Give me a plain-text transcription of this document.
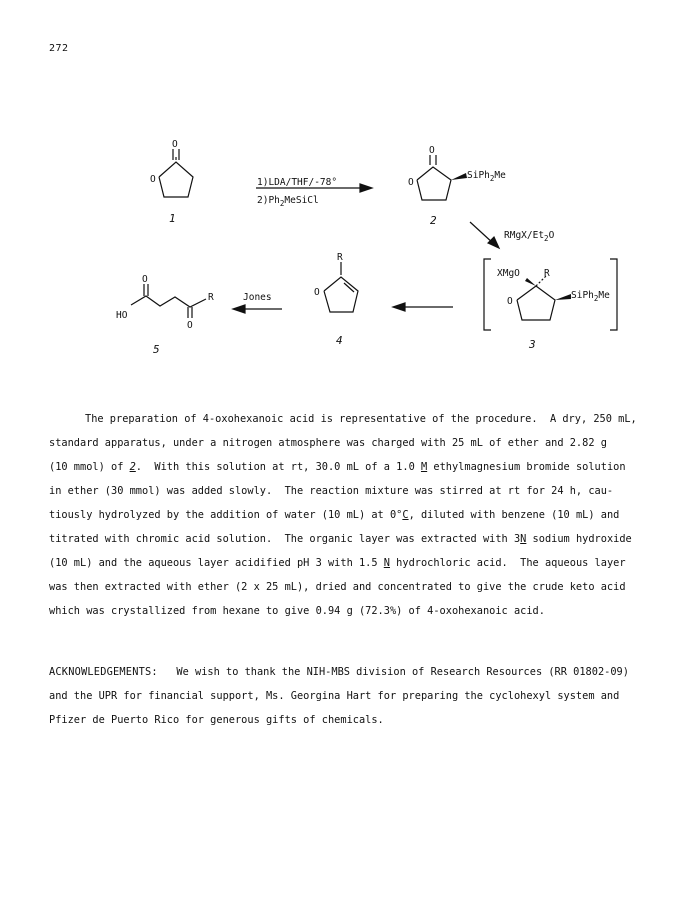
272
O
O
1
1)LDA/THF/-78°
$2)Ph_2MeSiCl$
O
O
SiPh$_2$Me
2
RMgX/$Et_2O$
XMgO	R
O
SiPh$_2$Me
3
R
O
4
Jones
O
HO
R
O
5
The preparation of 4-oxohexanoic acid is representative of the procedure.  A dry, 250 mL,
standard apparatus, under a nitrogen atmosphere was charged with 25 mL of ether and 2.82 g
(10 mmol) of 2.  With this solution at rt, 30.0 mL of a 1.0 M ethylmagnesium bromide solution
in ether (30 mmol) was added slowly.  The reaction mixture was stirred at rt for 24 h, cau-
tiously hydrolyzed by the addition of water (10 mL) at 0°C, diluted with benzene (10 mL) and
titrated with chromic acid solution.  The organic layer was extracted with 3N sodium hydroxide
(10 mL) and the aqueous layer acidified pH 3 with 1.5 N hydrochloric acid.  The aqueous layer
was then extracted with ether (2 x 25 mL), dried and concentrated to give the crude keto acid
which was crystallized from hexane to give 0.94 g (72.3%) of 4-oxohexanoic acid.
ACKNOWLEDGEMENTS:   We wish to thank the NIH-MBS division of Research Resources (RR 01802-09)
and the UPR for financial support, Ms. Georgina Hart for preparing the cyclohexyl system and
Pfizer de Puerto Rico for generous gifts of chemicals.
